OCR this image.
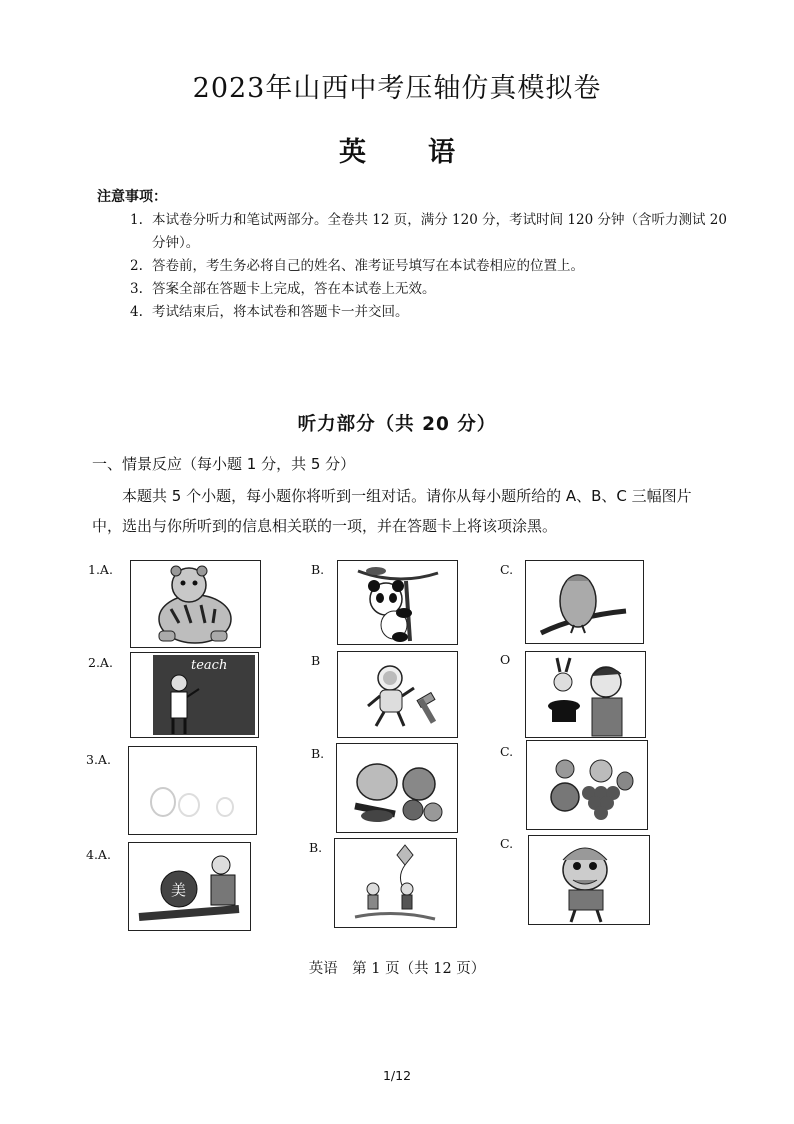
2023年山西中考压轴仿真模拟卷
英语
注意事项：
1. 本试卷分听力和笔试两部分。全卷共 12 页，满分 120 分，考试时间 120 分钟（含听力测试 20 分钟）。
2. 答卷前，考生务必将自己的姓名、准考证号填写在本试卷相应的位置上。
3. 答案全部在答题卡上完成，答在本试卷上无效。
4. 考试结束后，将本试卷和答题卡一并交回。
听力部分（共 20 分）
一、情景反应（每小题 1 分，共 5 分）
本题共 5 个小题，每小题你将听到一组对话。请你从每小题所给的 A、B、C 三幅图片中，选出与你所听到的信息相关联的一项，并在答题卡上将该项涂黑。
1.A.	B.	C.
2.A.	B	O
3.A.	B.	C.
4.A.	B.	C.
teach
美
英语　第 1 页（共 12 页）
1/12
